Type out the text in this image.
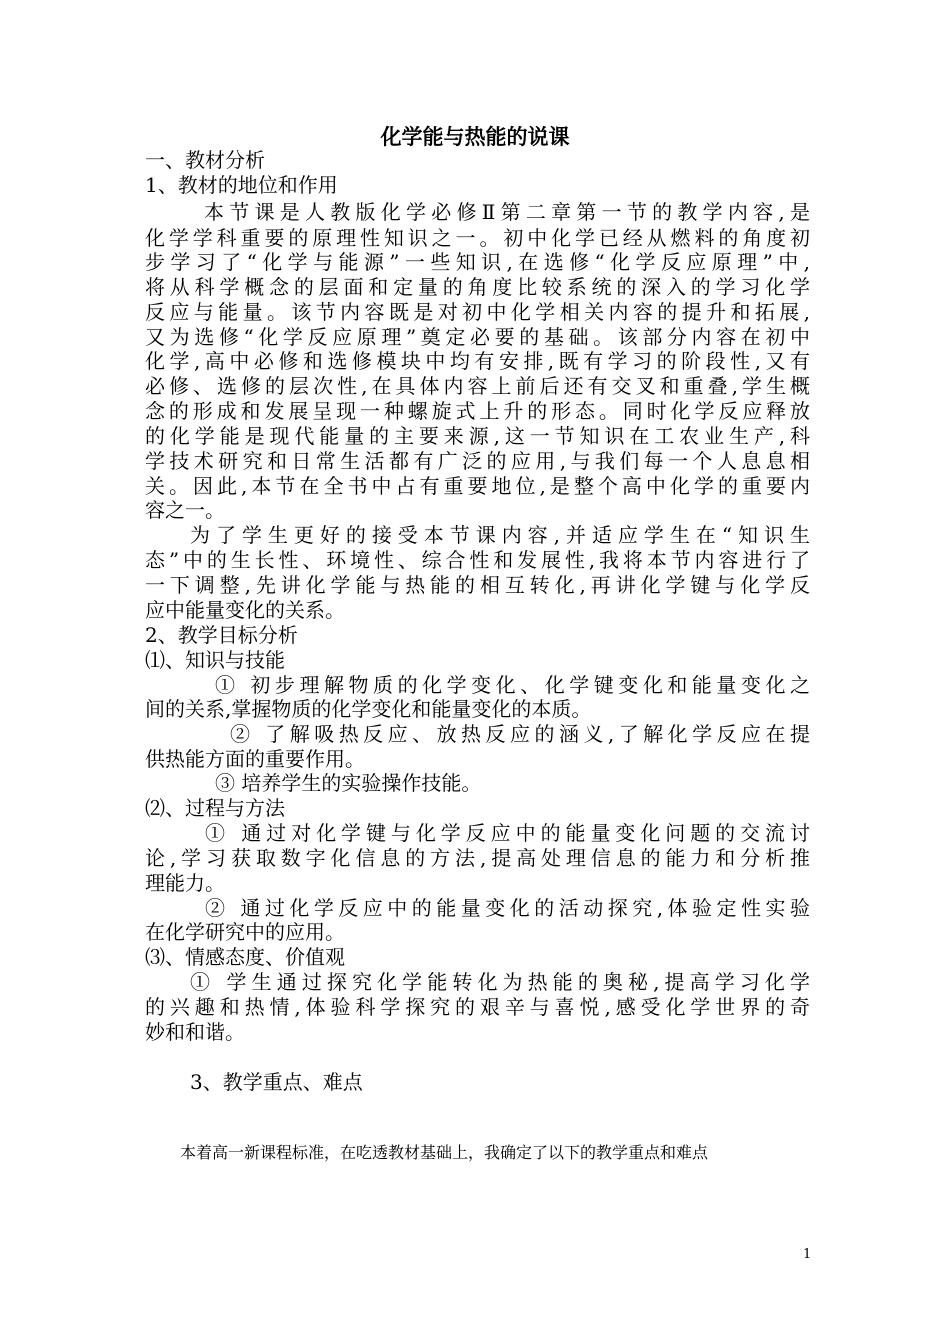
化学能与热能的说课
一、教材分析
1、教材的地位和作用
本节课是人教版化学必修Ⅱ第二章第一节的教学内容,是
化学学科重要的原理性知识之一。初中化学已经从燃料的角度初
步学习了“化学与能源”一些知识,在选修“化学反应原理”中,
将从科学概念的层面和定量的角度比较系统的深入的学习化学
反应与能量。该节内容既是对初中化学相关内容的提升和拓展,
又为选修“化学反应原理”奠定必要的基础。该部分内容在初中
化学,高中必修和选修模块中均有安排,既有学习的阶段性,又有
必修、选修的层次性,在具体内容上前后还有交叉和重叠,学生概
念的形成和发展呈现一种螺旋式上升的形态。同时化学反应释放
的化学能是现代能量的主要来源,这一节知识在工农业生产,科
学技术研究和日常生活都有广泛的应用,与我们每一个人息息相
关。因此,本节在全书中占有重要地位,是整个高中化学的重要内
容之一。
为了学生更好的接受本节课内容,并适应学生在“知识生
态”中的生长性、环境性、综合性和发展性,我将本节内容进行了
一下调整,先讲化学能与热能的相互转化,再讲化学键与化学反
应中能量变化的关系。
2、教学目标分析
⑴、知识与技能
① 初步理解物质的化学变化、化学键变化和能量变化之
间的关系,掌握物质的化学变化和能量变化的本质。
② 了解吸热反应、放热反应的涵义,了解化学反应在提
供热能方面的重要作用。
③ 培养学生的实验操作技能。
⑵、过程与方法
① 通过对化学键与化学反应中的能量变化问题的交流讨
论,学习获取数字化信息的方法,提高处理信息的能力和分析推
理能力。
② 通过化学反应中的能量变化的活动探究,体验定性实验
在化学研究中的应用。
⑶、情感态度、价值观
① 学生通过探究化学能转化为热能的奥秘,提高学习化学
的兴趣和热情,体验科学探究的艰辛与喜悦,感受化学世界的奇
妙和和谐。
3、教学重点、难点
本着高一新课程标准，在吃透教材基础上，我确定了以下的教学重点和难点
1
